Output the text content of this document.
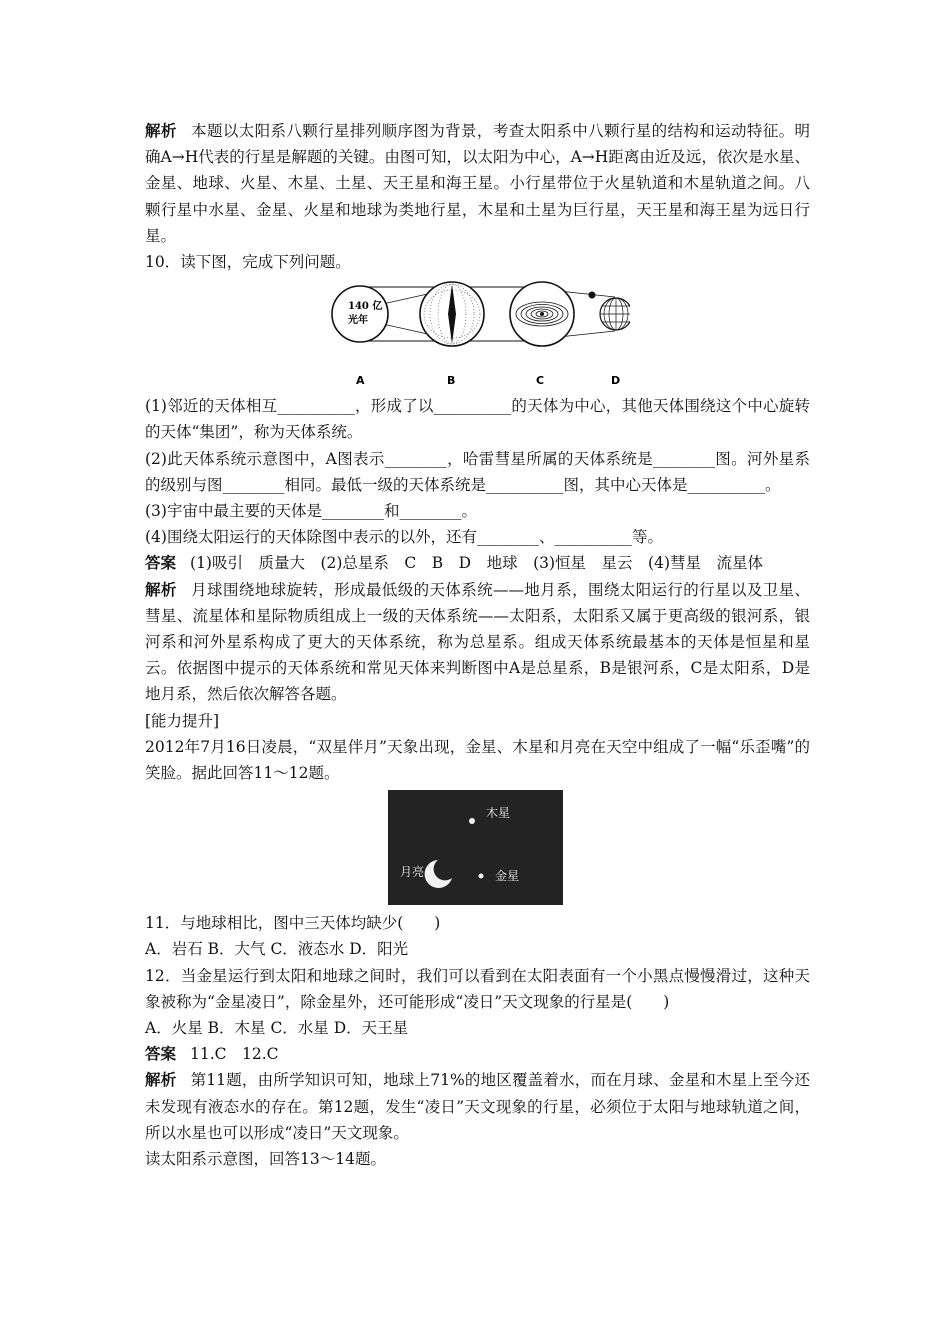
解析 本题以太阳系八颗行星排列顺序图为背景，考查太阳系中八颗行星的结构和运动特征。明确A→H代表的行星是解题的关键。由图可知，以太阳为中心，A→H距离由近及远，依次是水星、金星、地球、火星、木星、土星、天王星和海王星。小行星带位于火星轨道和木星轨道之间。八颗行星中水星、金星、火星和地球为类地行星，木星和土星为巨行星，天王星和海王星为远日行星。

10．读下图，完成下列问题。

140 亿
光年
A	B	C	D

(1)邻近的天体相互__________，形成了以__________的天体为中心，其他天体围绕这个中心旋转的天体“集团”，称为天体系统。

(2)此天体系统示意图中，A图表示________，哈雷彗星所属的天体系统是________图。河外星系的级别与图________相同。最低一级的天体系统是__________图，其中心天体是__________。

(3)宇宙中最主要的天体是________和________。

(4)围绕太阳运行的天体除图中表示的以外，还有________、__________等。

答案 (1)吸引　质量大　(2)总星系　C　B　D　地球　(3)恒星　星云　(4)彗星　流星体

解析 月球围绕地球旋转，形成最低级的天体系统——地月系，围绕太阳运行的行星以及卫星、彗星、流星体和星际物质组成上一级的天体系统——太阳系，太阳系又属于更高级的银河系，银河系和河外星系构成了更大的天体系统，称为总星系。组成天体系统最基本的天体是恒星和星云。依据图中提示的天体系统和常见天体来判断图中A是总星系，B是银河系，C是太阳系，D是地月系，然后依次解答各题。

[能力提升]

2012年7月16日凌晨，“双星伴月”天象出现，金星、木星和月亮在天空中组成了一幅“乐歪嘴”的笑脸。据此回答11～12题。

木星
月亮	金星

11．与地球相比，图中三天体均缺少(　　)

A．岩石 B．大气 C．液态水 D．阳光

12．当金星运行到太阳和地球之间时，我们可以看到在太阳表面有一个小黑点慢慢滑过，这种天象被称为“金星凌日”，除金星外，还可能形成“凌日”天文现象的行星是(　　)

A．火星 B．木星 C．水星 D．天王星

答案 11.C　12.C

解析 第11题，由所学知识可知，地球上71%的地区覆盖着水，而在月球、金星和木星上至今还未发现有液态水的存在。第12题，发生“凌日”天文现象的行星，必须位于太阳与地球轨道之间，所以水星也可以形成“凌日”天文现象。

读太阳系示意图，回答13～14题。
